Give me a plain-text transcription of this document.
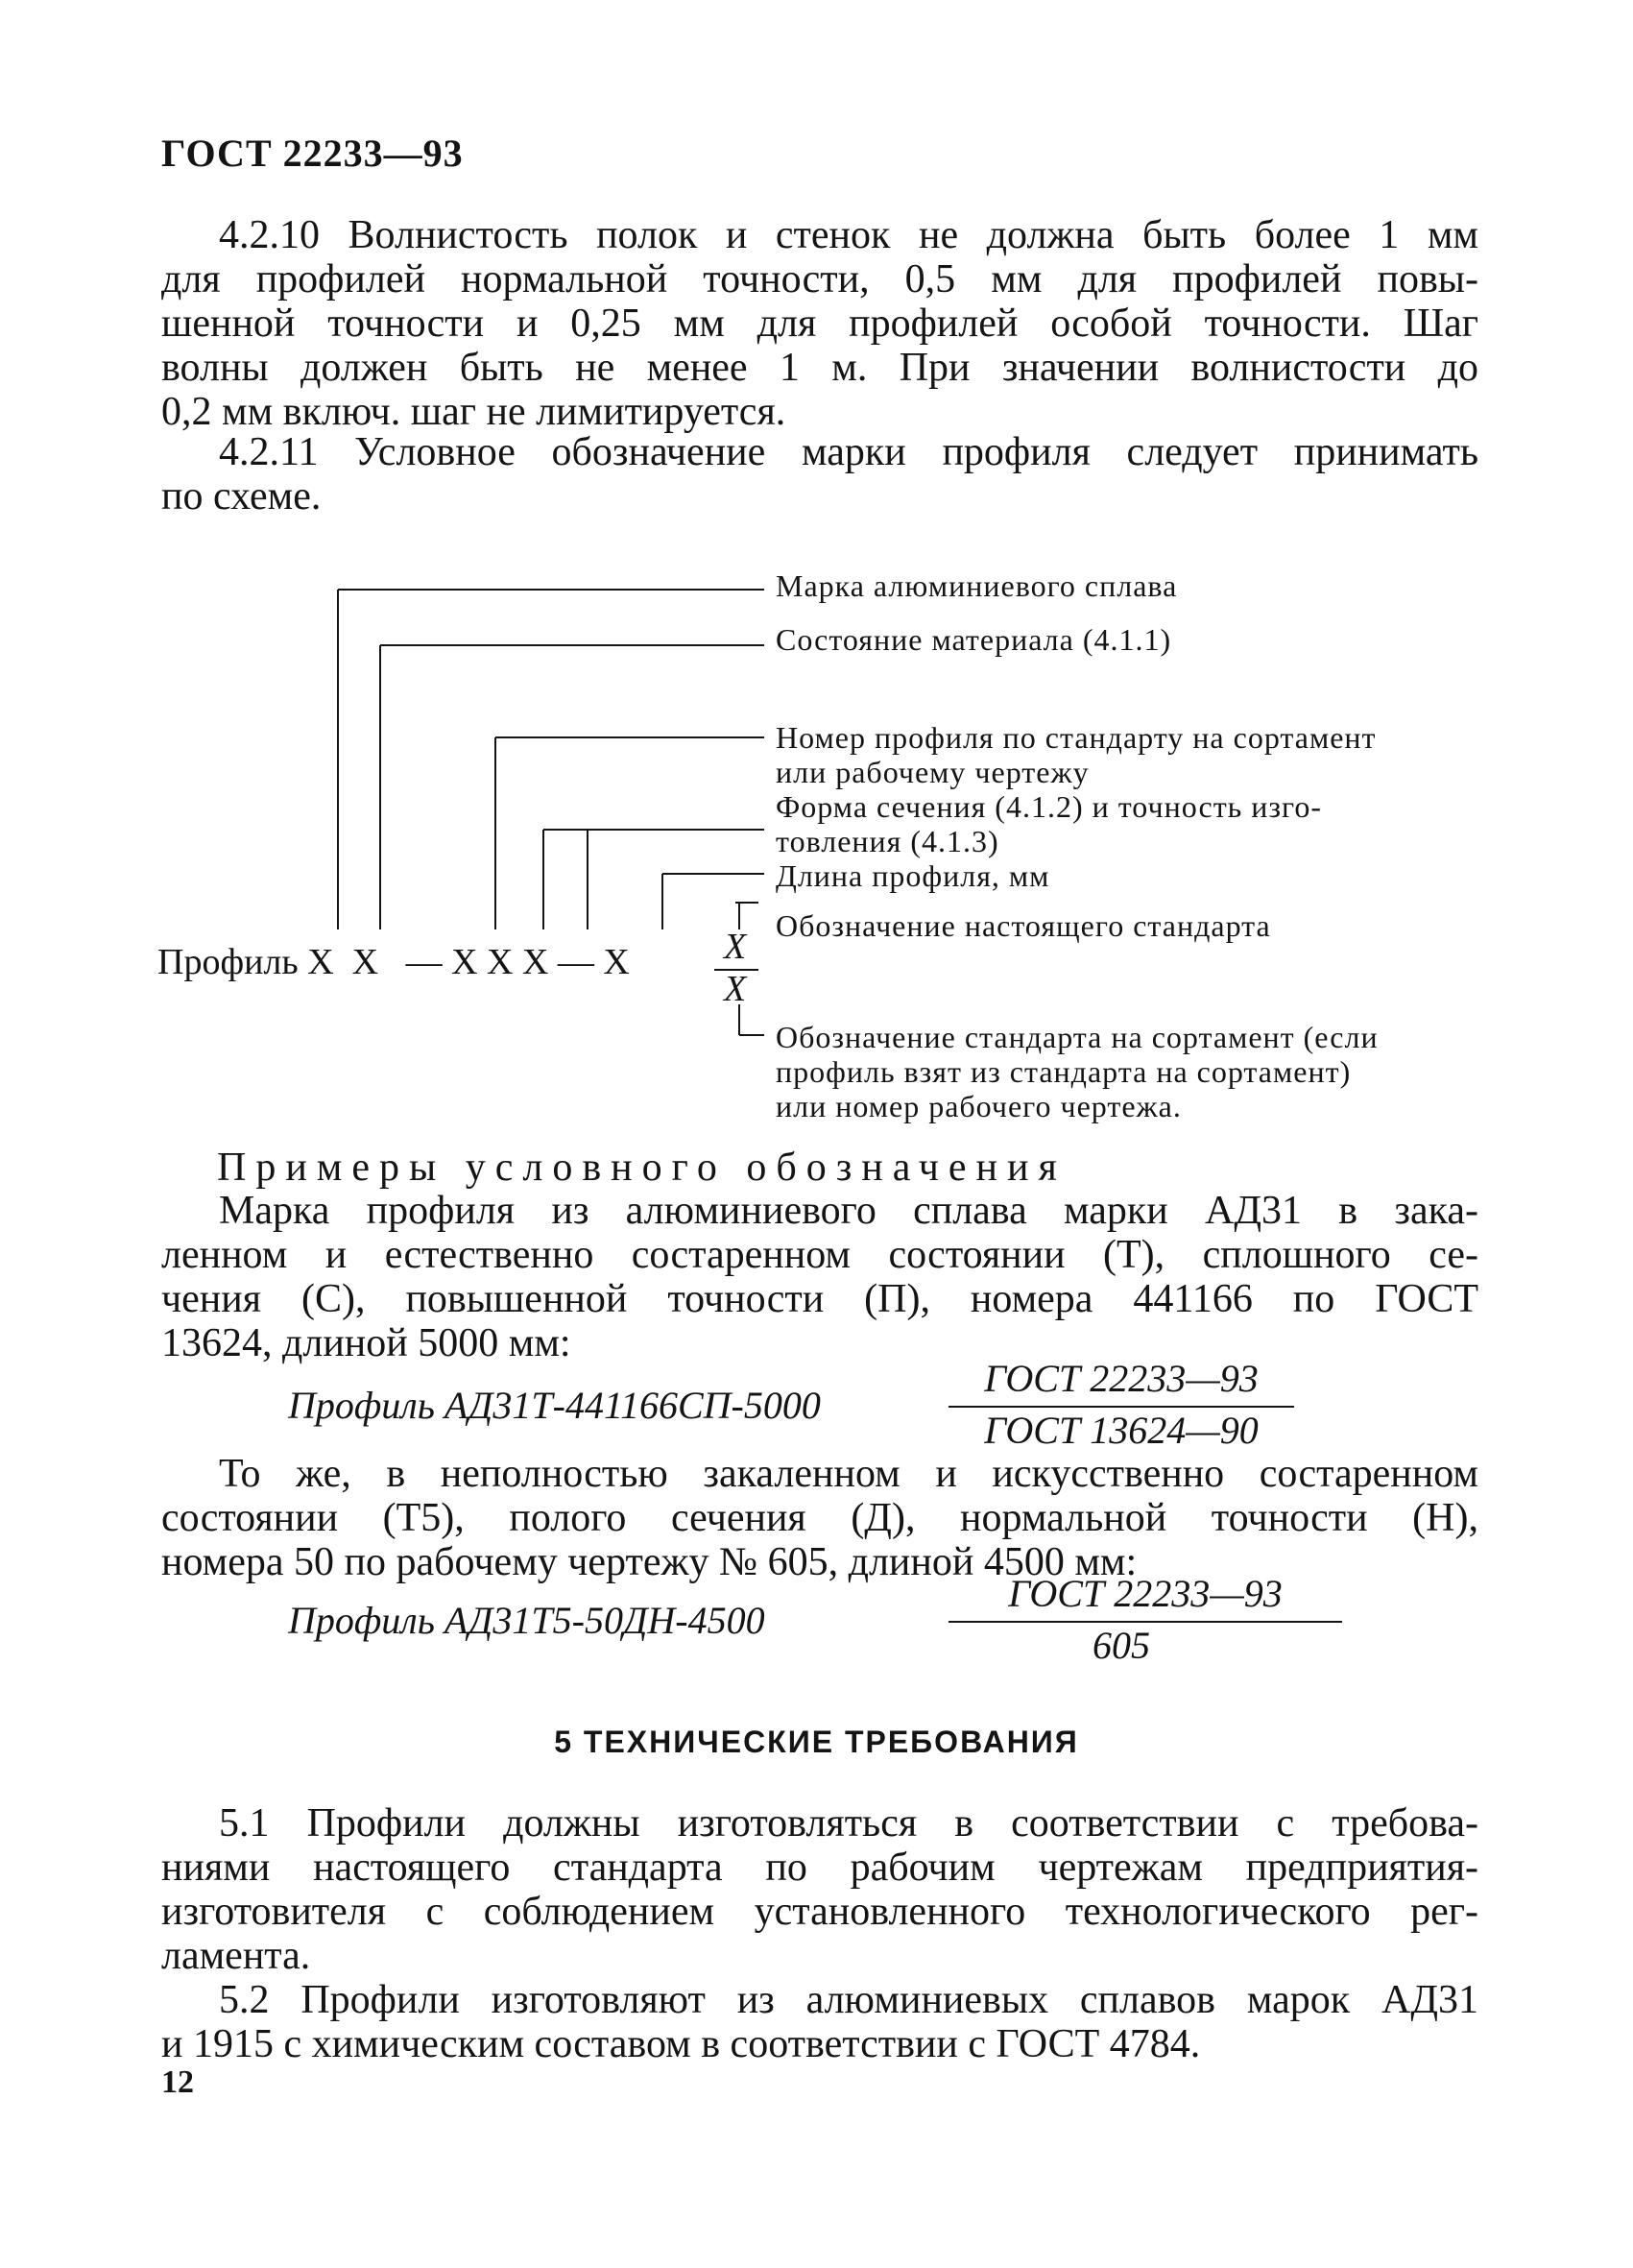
ГОСТ 22233—93
4.2.10 Волнистость полок и стенок не должна быть более 1 мм
для профилей нормальной точности, 0,5 мм для профилей повы-
шенной точности и 0,25 мм для профилей особой точности. Шаг
волны должен быть не менее 1 м. При значении волнистости до
0,2 мм включ. шаг не лимитируется.
4.2.11 Условное обозначение марки профиля следует принимать
по схеме.
Марка алюминиевого сплава
Состояние материала (4.1.1)
Номер профиля по стандарту на сортамент
или рабочему чертежу
Форма сечения (4.1.2) и точность изго-
товления (4.1.3)
Длина профиля, мм
Обозначение настоящего стандарта
Обозначение стандарта на сортамент (если
профиль взят из стандарта на сортамент)
или номер рабочего чертежа.
Профиль X  X   — X X X — X	X
X
Примеры условного обозначения
Марка профиля из алюминиевого сплава марки АД31 в зака-
ленном и естественно состаренном состоянии (Т), сплошного се-
чения (С), повышенной точности (П), номера 441166 по ГОСТ
13624, длиной 5000 мм:
Профиль АД31Т-441166СП-5000
ГОСТ 22233—93
ГОСТ 13624—90
То же, в неполностью закаленном и искусственно состаренном
состоянии (Т5), полого сечения (Д), нормальной точности (Н),
номера 50 по рабочему чертежу № 605, длиной 4500 мм:
Профиль АД31Т5-50ДН-4500
ГОСТ 22233—93
605
5 ТЕХНИЧЕСКИЕ ТРЕБОВАНИЯ
5.1 Профили должны изготовляться в соответствии с требова-
ниями настоящего стандарта по рабочим чертежам предприятия-
изготовителя с соблюдением установленного технологического рег-
ламента.
5.2 Профили изготовляют из алюминиевых сплавов марок АД31
и 1915 с химическим составом в соответствии с ГОСТ 4784.
12
